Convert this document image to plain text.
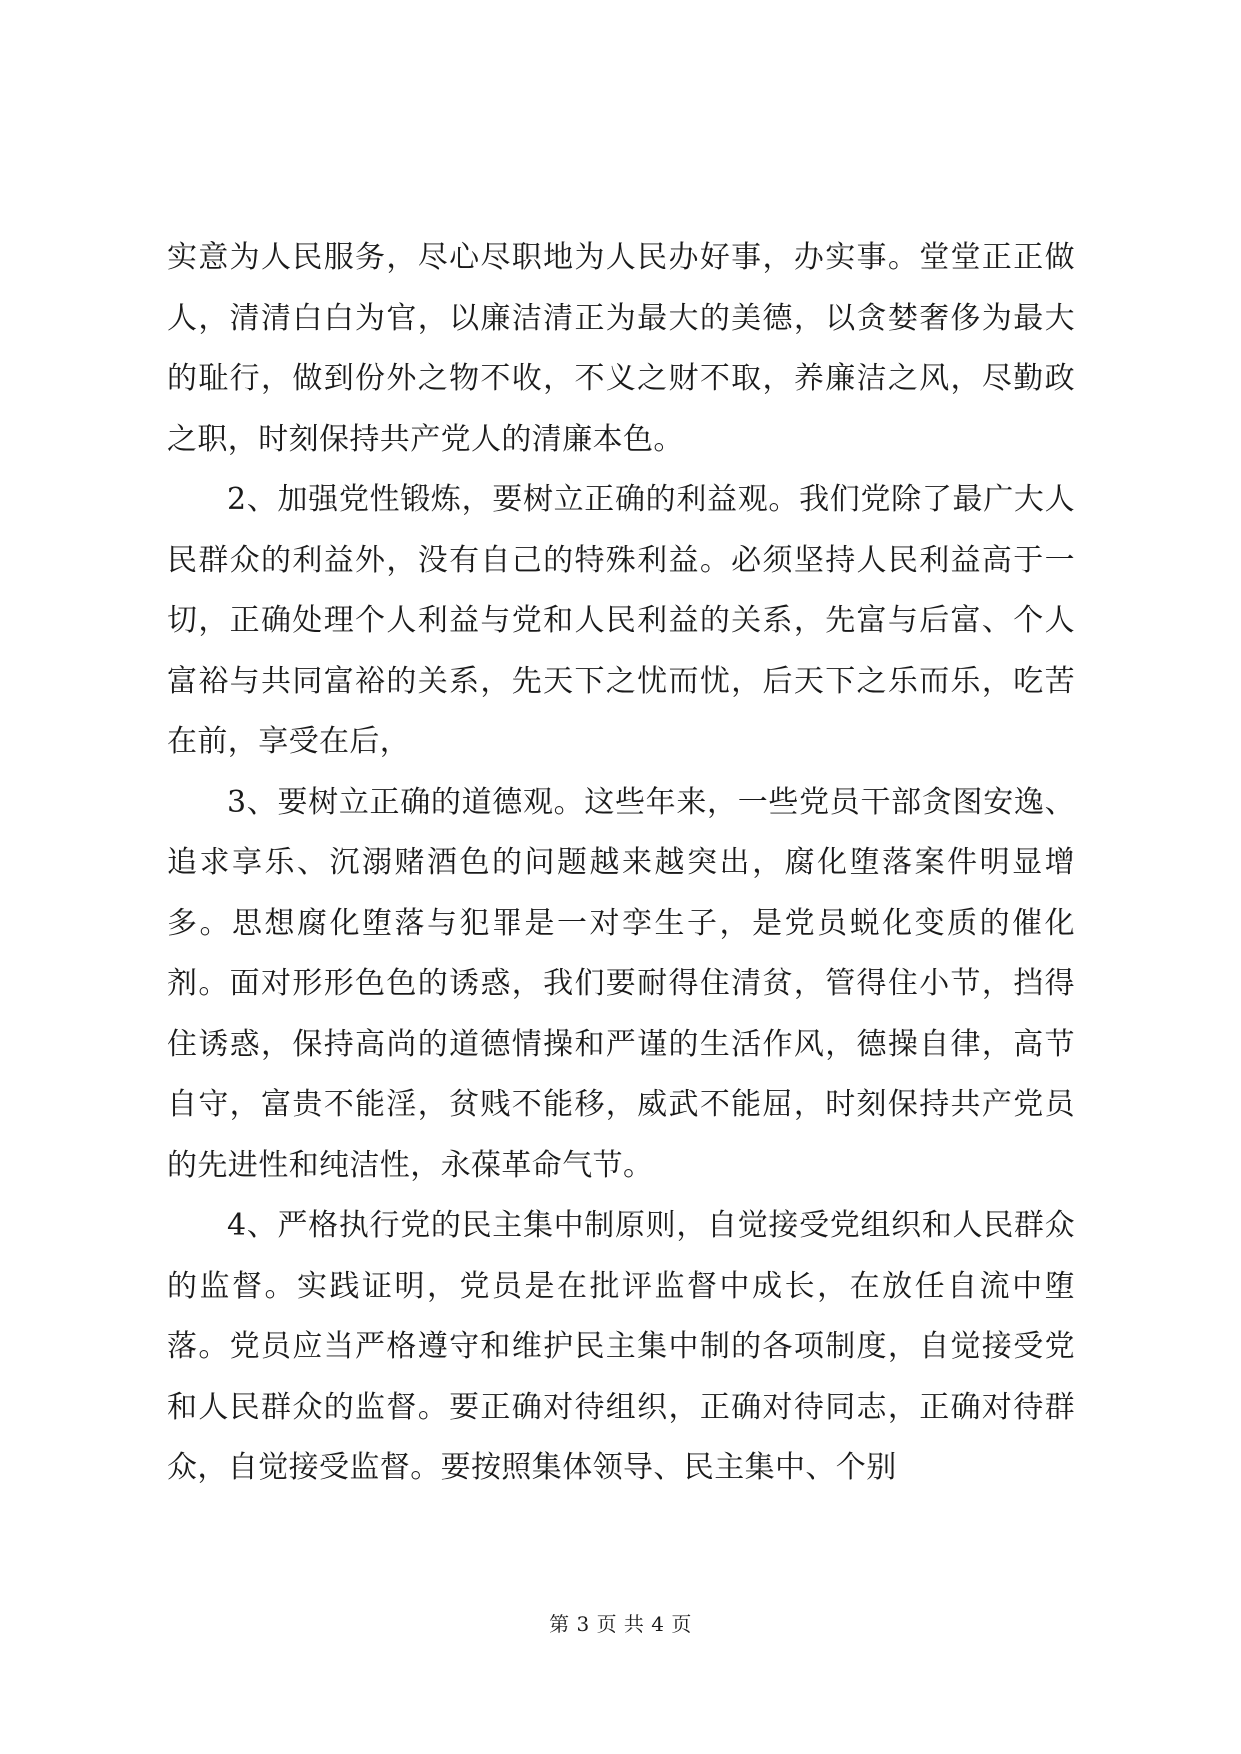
实意为人民服务，尽心尽职地为人民办好事，办实事。堂堂正正做人，清清白白为官，以廉洁清正为最大的美德，以贪婪奢侈为最大的耻行，做到份外之物不收，不义之财不取，养廉洁之风，尽勤政之职，时刻保持共产党人的清廉本色。

2、加强党性锻炼，要树立正确的利益观。我们党除了最广大人民群众的利益外，没有自己的特殊利益。必须坚持人民利益高于一切，正确处理个人利益与党和人民利益的关系，先富与后富、个人富裕与共同富裕的关系，先天下之忧而忧，后天下之乐而乐，吃苦在前，享受在后，

3、要树立正确的道德观。这些年来，一些党员干部贪图安逸、追求享乐、沉溺赌酒色的问题越来越突出，腐化堕落案件明显增多。思想腐化堕落与犯罪是一对孪生子，是党员蜕化变质的催化剂。面对形形色色的诱惑，我们要耐得住清贫，管得住小节，挡得住诱惑，保持高尚的道德情操和严谨的生活作风，德操自律，高节自守，富贵不能淫，贫贱不能移，威武不能屈，时刻保持共产党员的先进性和纯洁性，永葆革命气节。

4、严格执行党的民主集中制原则，自觉接受党组织和人民群众的监督。实践证明，党员是在批评监督中成长，在放任自流中堕落。党员应当严格遵守和维护民主集中制的各项制度，自觉接受党和人民群众的监督。要正确对待组织，正确对待同志，正确对待群众，自觉接受监督。要按照集体领导、民主集中、个别

第 3 页 共 4 页
